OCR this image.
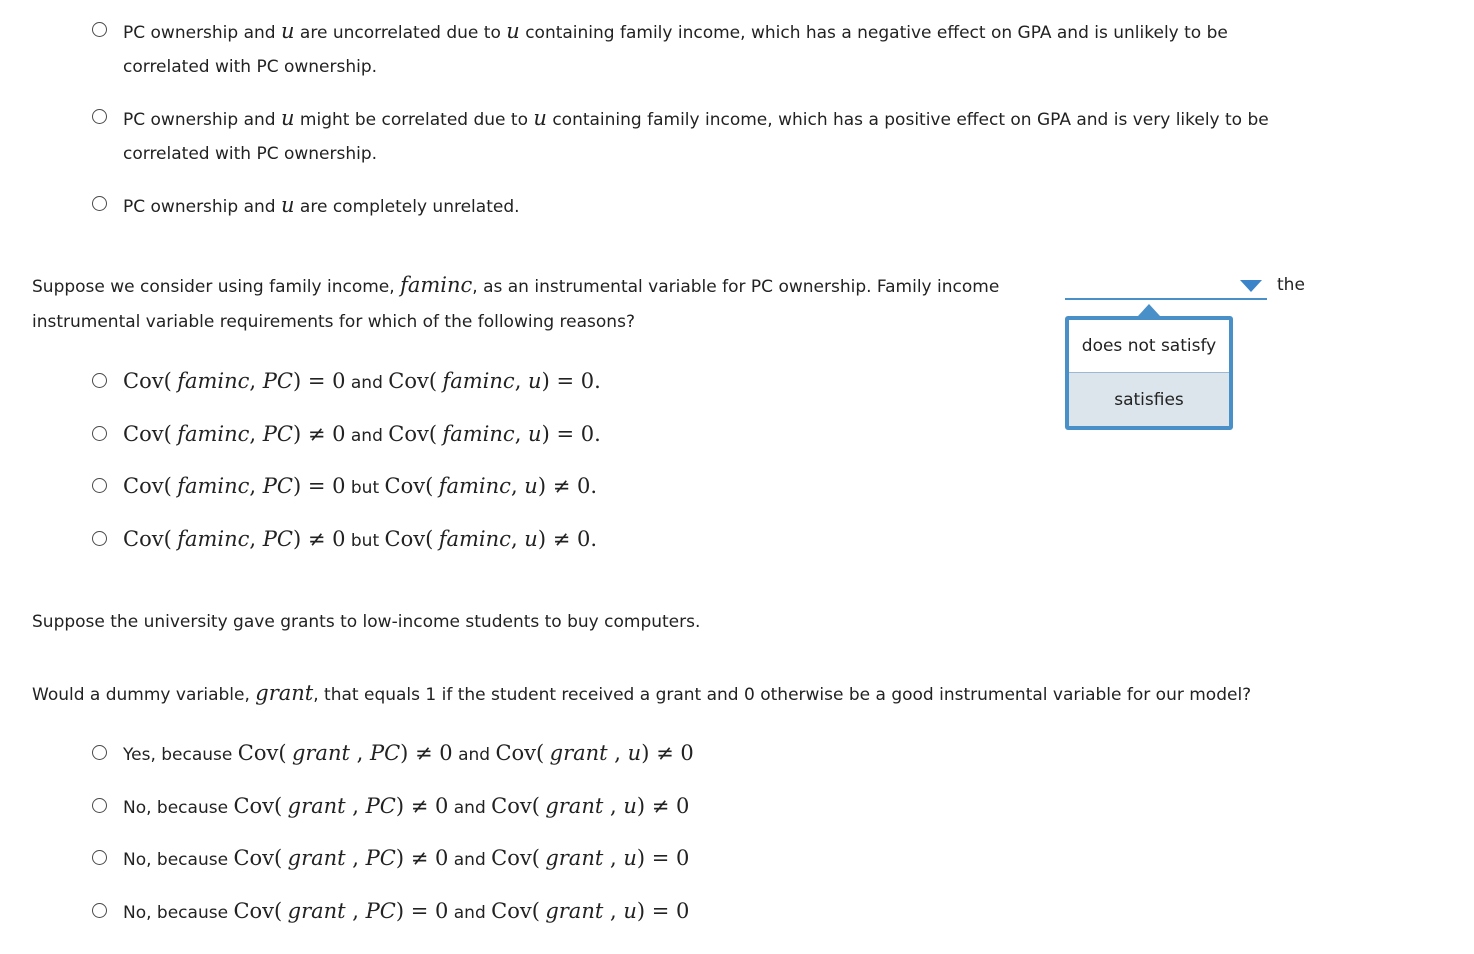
PC ownership and u are uncorrelated due to u containing family income, which has a negative effect on GPA and is unlikely to be
correlated with PC ownership.
PC ownership and u might be correlated due to u containing family income, which has a positive effect on GPA and is very likely to be
correlated with PC ownership.
PC ownership and u are completely unrelated.
Suppose we consider using family income, faminc, as an instrumental variable for PC ownership. Family income	the
instrumental variable requirements for which of the following reasons?
does not satisfy
satisfies
Cov( faminc, PC) = 0 and Cov( faminc, u) = 0.
Cov( faminc, PC) ≠ 0 and Cov( faminc, u) = 0.
Cov( faminc, PC) = 0 but Cov( faminc, u) ≠ 0.
Cov( faminc, PC) ≠ 0 but Cov( faminc, u) ≠ 0.
Suppose the university gave grants to low-income students to buy computers.
Would a dummy variable, grant, that equals 1 if the student received a grant and 0 otherwise be a good instrumental variable for our model?
Yes, because Cov( grant , PC) ≠ 0 and Cov( grant , u) ≠ 0
No, because Cov( grant , PC) ≠ 0 and Cov( grant , u) ≠ 0
No, because Cov( grant , PC) ≠ 0 and Cov( grant , u) = 0
No, because Cov( grant , PC) = 0 and Cov( grant , u) = 0
